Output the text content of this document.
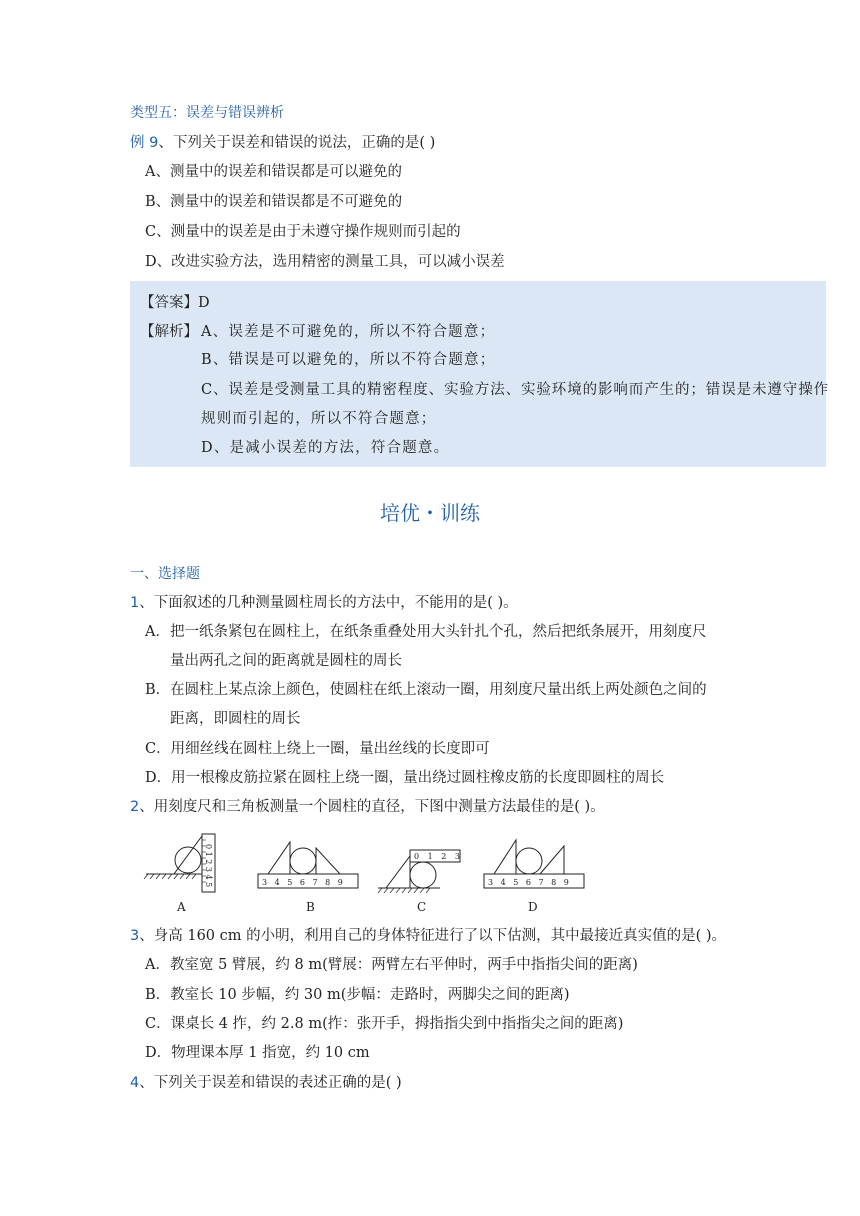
类型五：误差与错误辨析
例 9、下列关于误差和错误的说法，正确的是( )
A、测量中的误差和错误都是可以避免的
B、测量中的误差和错误都是不可避免的
C、测量中的误差是由于未遵守操作规则而引起的
D、改进实验方法，选用精密的测量工具，可以减小误差
【答案】D
【解析】 A、误差是不可避免的，所以不符合题意；
B、错误是可以避免的，所以不符合题意；
C、误差是受测量工具的精密程度、实验方法、实验环境的影响而产生的；错误是未遵守操作
规则而引起的，所以不符合题意；
D、是减小误差的方法，符合题意。
培优・训练
一、选择题
1、下面叙述的几种测量圆柱周长的方法中，不能用的是( )。
A．把一纸条紧包在圆柱上，在纸条重叠处用大头针扎个孔，然后把纸条展开，用刻度尺
量出两孔之间的距离就是圆柱的周长
B．在圆柱上某点涂上颜色，使圆柱在纸上滚动一圈，用刻度尺量出纸上两处颜色之间的
距离，即圆柱的周长
C．用细丝线在圆柱上绕上一圈，量出丝线的长度即可
D．用一根橡皮筋拉紧在圆柱上绕一圈，量出绕过圆柱橡皮筋的长度即圆柱的周长
2、用刻度尺和三角板测量一个圆柱的直径，下图中测量方法最佳的是( )。
0 1 2 3 4 5	3 4 5 6 7 8 9
0 1 2 3
3 4 5 6 7 8 9
A	B	C	D
3、身高 160 cm 的小明，利用自己的身体特征进行了以下估测，其中最接近真实值的是( )。
A．教室宽 5 臂展，约 8 m(臂展：两臂左右平伸时，两手中指指尖间的距离)
B．教室长 10 步幅，约 30 m(步幅：走路时，两脚尖之间的距离)
C．课桌长 4 拃，约 2.8 m(拃：张开手，拇指指尖到中指指尖之间的距离)
D．物理课本厚 1 指宽，约 10 cm
4、下列关于误差和错误的表述正确的是( )
